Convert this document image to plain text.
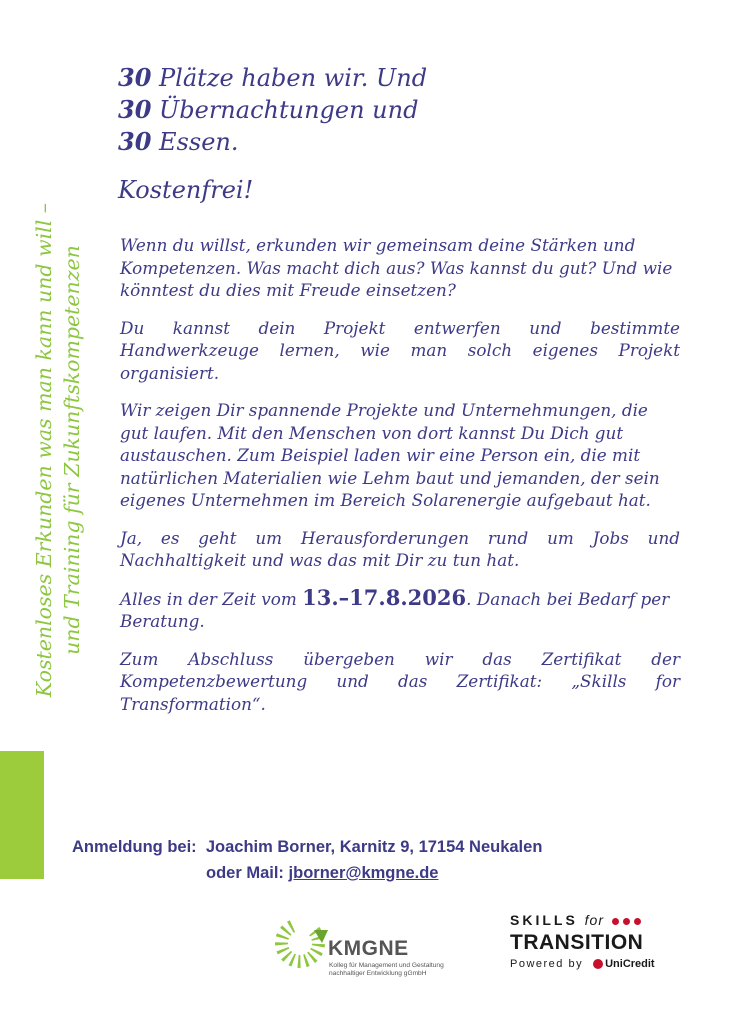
Kostenloses Erkunden was man kann und will – und Training für Zukunftskompetenzen
30 Plätze haben wir. Und
30 Übernachtungen und
30 Essen.
Kostenfrei!

Wenn du willst, erkunden wir gemeinsam deine Stärken und Kompetenzen. Was macht dich aus? Was kannst du gut? Und wie könntest du dies mit Freude einsetzen?

Du kannst dein Projekt entwerfen und bestimmte Handwerkzeuge lernen, wie man solch eigenes Projekt organisiert.

Wir zeigen Dir spannende Projekte und Unternehmungen, die gut laufen. Mit den Menschen von dort kannst Du Dich gut austauschen. Zum Beispiel laden wir eine Person ein, die mit natürlichen Materialien wie Lehm baut und jemanden, der sein eigenes Unternehmen im Bereich Solarenergie aufgebaut hat.

Ja, es geht um Herausforderungen rund um Jobs und Nachhaltigkeit und was das mit Dir zu tun hat.

Alles in der Zeit vom 13.–17.8.2026. Danach bei Bedarf per Beratung.

Zum Abschluss übergeben wir das Zertifikat der Kompetenzbewertung und das Zertifikat: „Skills for Transformation“.

Anmeldung bei: Joachim Borner, Karnitz 9, 17154 Neukalen
oder Mail: jborner@kmgne.de
KMGNE
Kolleg für Management und Gestaltung
nachhaltiger Entwicklung gGmbH
SKILLS for
TRANSITION
Powered by UniCredit
